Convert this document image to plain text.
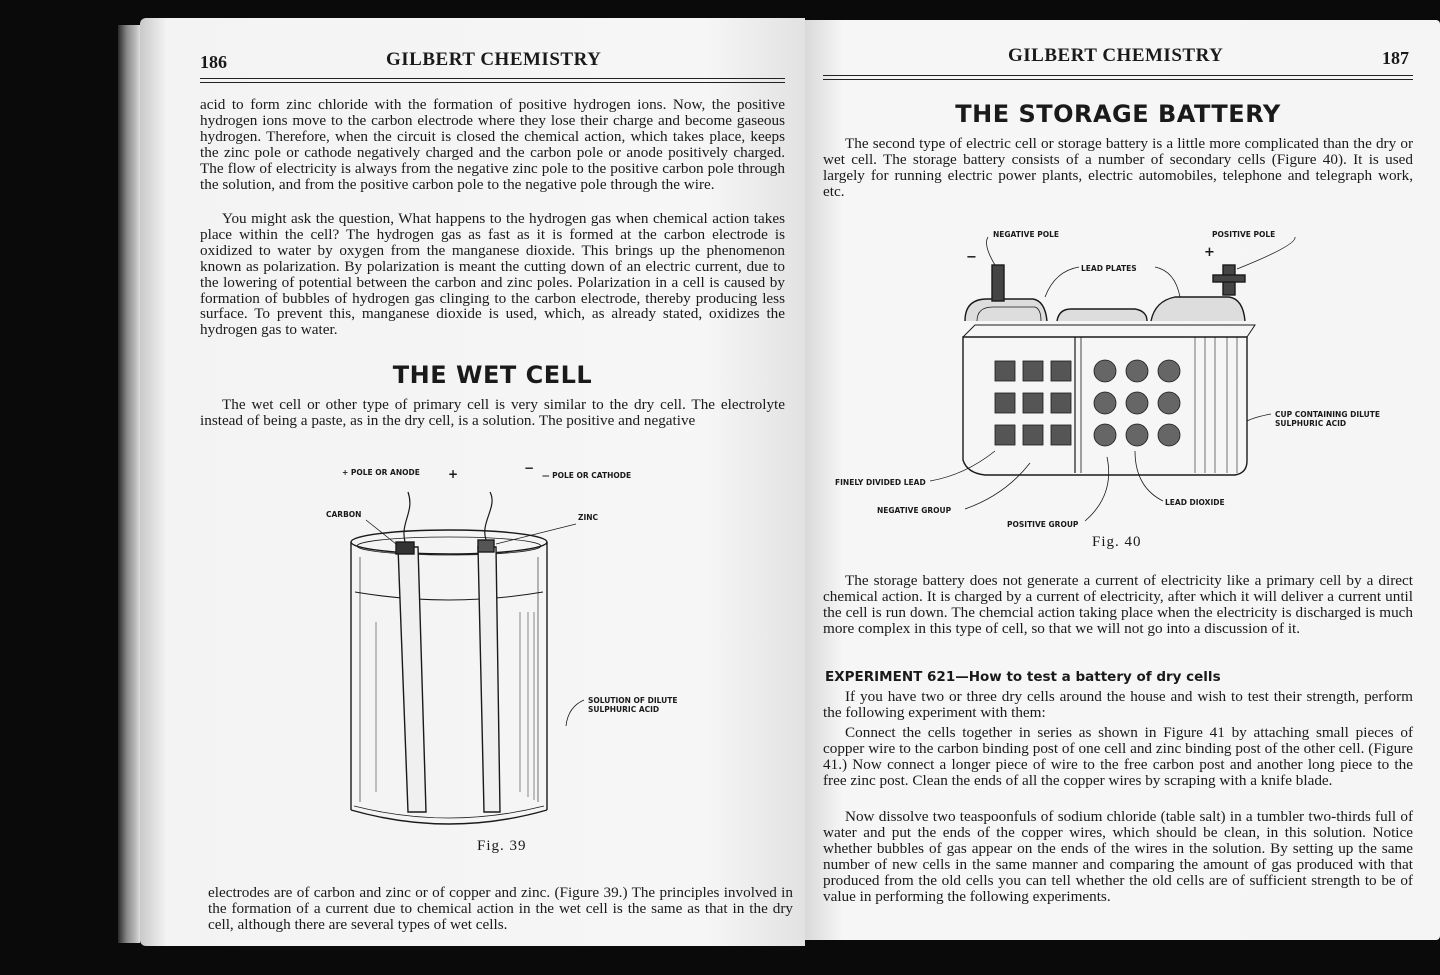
186	GILBERT CHEMISTRY

acid to form zinc chloride with the formation of positive hydrogen ions. Now, the positive hydrogen ions move to the carbon electrode where they lose their charge and become gaseous hydrogen. Therefore, when the circuit is closed the chemical action, which takes place, keeps the zinc pole or cathode negatively charged and the carbon pole or anode positively charged. The flow of electricity is always from the negative zinc pole to the positive carbon pole through the solution, and from the positive carbon pole to the negative pole through the wire.

You might ask the question, What happens to the hydrogen gas when chemical action takes place within the cell? The hydrogen gas as fast as it is formed at the carbon electrode is oxidized to water by oxygen from the manganese dioxide. This brings up the phenomenon known as polarization. By polarization is meant the cutting down of an electric current, due to the lowering of potential between the carbon and zinc poles. Polarization in a cell is caused by formation of bubbles of hydrogen gas clinging to the carbon electrode, thereby producing less surface. To prevent this, manganese dioxide is used, which, as already stated, oxidizes the hydrogen gas to water.

THE WET CELL

The wet cell or other type of primary cell is very similar to the dry cell. The electrolyte instead of being a paste, as in the dry cell, is a solution. The positive and negative

+ POLE OR ANODE +	−
— POLE OR CATHODE
CARBON	ZINC
SOLUTION OF DILUTE
SULPHURIC ACID
Fig. 39

electrodes are of carbon and zinc or of copper and zinc. (Figure 39.) The principles involved in the formation of a current due to chemical action in the wet cell is the same as that in the dry cell, although there are several types of wet cells.

GILBERT CHEMISTRY	187
THE STORAGE BATTERY

The second type of electric cell or storage battery is a little more complicated than the dry or wet cell. The storage battery consists of a number of secondary cells (Figure 40). It is used largely for running electric power plants, electric automobiles, telephone and telegraph work, etc.

NEGATIVE POLE	POSITIVE POLE
LEAD PLATES
−	+
CUP CONTAINING DILUTE
SULPHURIC ACID
FINELY DIVIDED LEAD
NEGATIVE GROUP
LEAD DIOXIDE
POSITIVE GROUP
Fig. 40

The storage battery does not generate a current of electricity like a primary cell by a direct chemical action. It is charged by a current of electricity, after which it will deliver a current until the cell is run down. The chemcial action taking place when the electricity is discharged is much more complex in this type of cell, so that we will not go into a discussion of it.

EXPERIMENT 621—How to test a battery of dry cells

If you have two or three dry cells around the house and wish to test their strength, perform the following experiment with them:

Connect the cells together in series as shown in Figure 41 by attaching small pieces of copper wire to the carbon binding post of one cell and zinc binding post of the other cell. (Figure 41.) Now connect a longer piece of wire to the free carbon post and another long piece to the free zinc post. Clean the ends of all the copper wires by scraping with a knife blade.

Now dissolve two teaspoonfuls of sodium chloride (table salt) in a tumbler two-thirds full of water and put the ends of the copper wires, which should be clean, in this solution. Notice whether bubbles of gas appear on the ends of the wires in the solution. By setting up the same number of new cells in the same manner and comparing the amount of gas produced with that produced from the old cells you can tell whether the old cells are of sufficient strength to be of value in performing the following experiments.
